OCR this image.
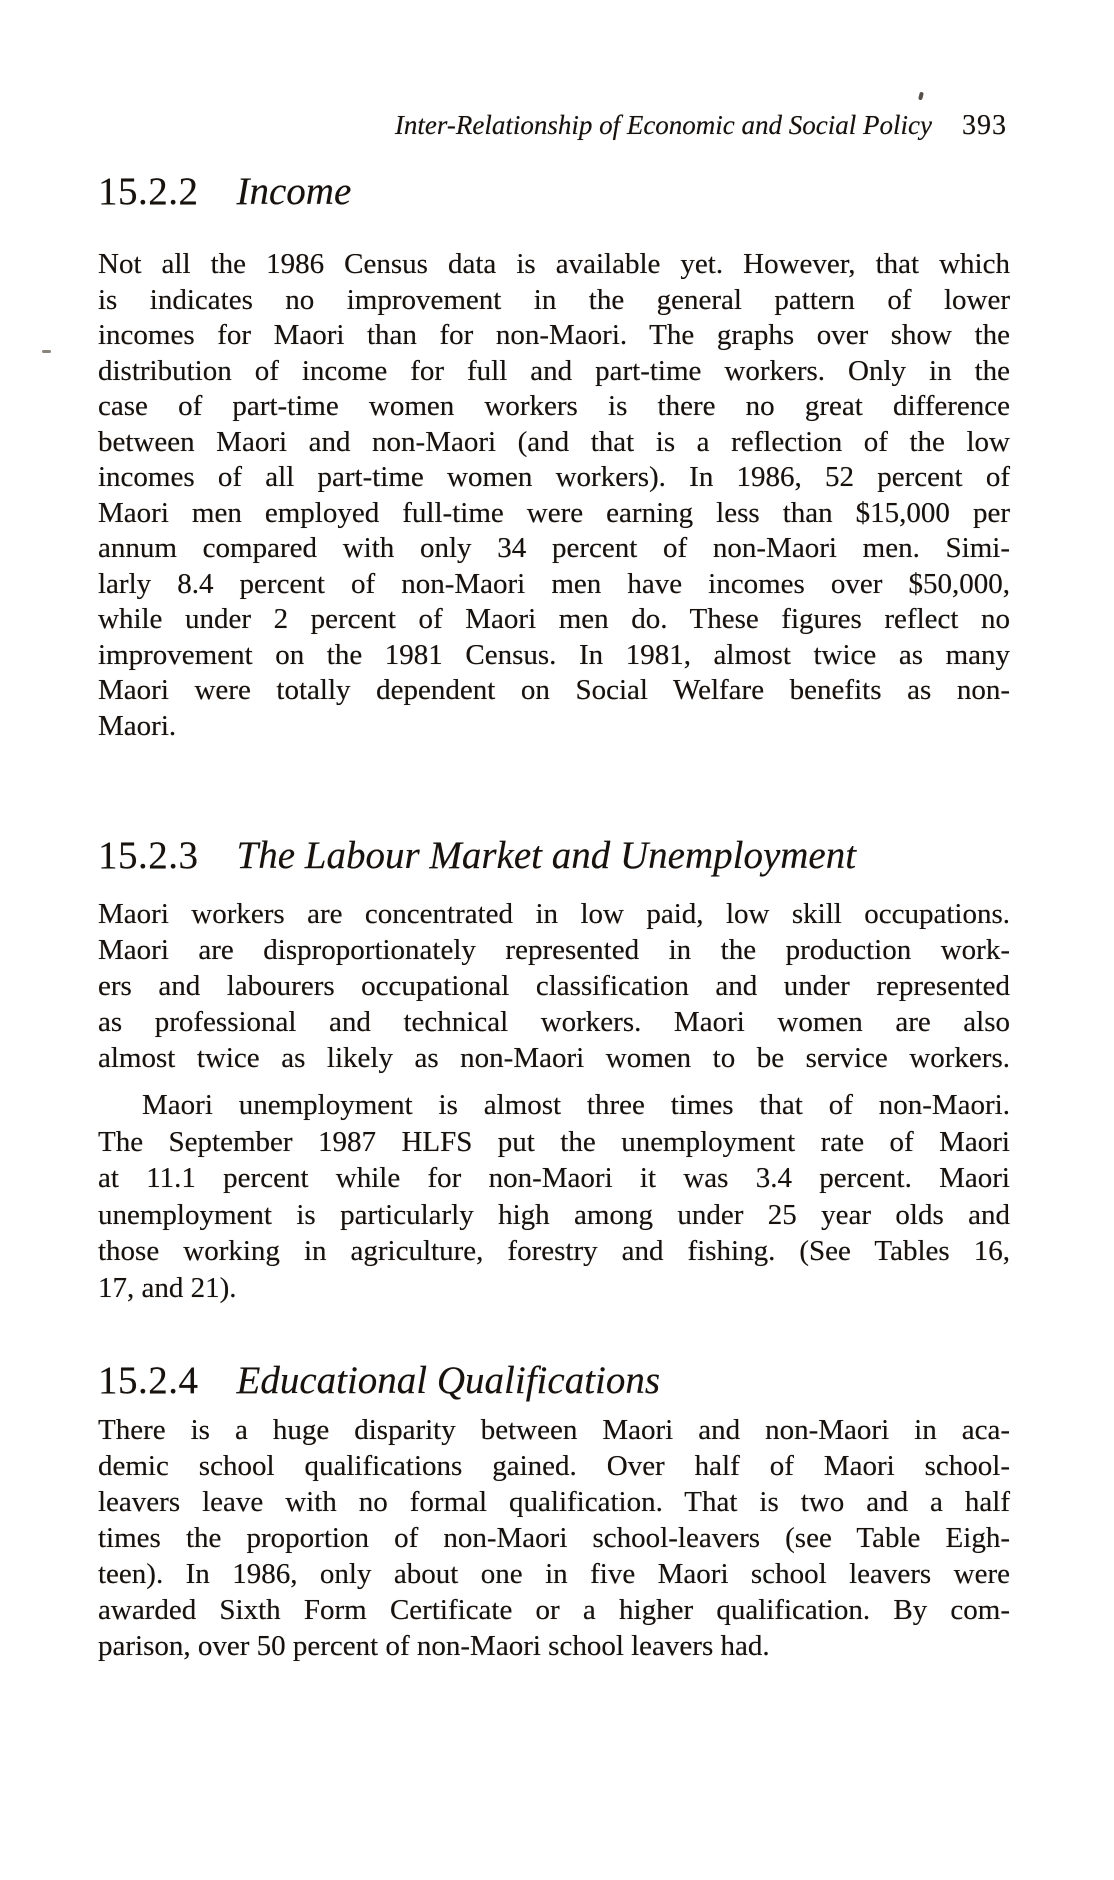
Inter-Relationship of Economic and Social Policy 393
15.2.2 Income
Not all the 1986 Census data is available yet. However, that which
is indicates no improvement in the general pattern of lower
incomes for Maori than for non-Maori. The graphs over show the
distribution of income for full and part-time workers. Only in the
case of part-time women workers is there no great difference
between Maori and non-Maori (and that is a reflection of the low
incomes of all part-time women workers). In 1986, 52 percent of
Maori men employed full-time were earning less than $15,000 per
annum compared with only 34 percent of non-Maori men. Simi-
larly 8.4 percent of non-Maori men have incomes over $50,000,
while under 2 percent of Maori men do. These figures reflect no
improvement on the 1981 Census. In 1981, almost twice as many
Maori were totally dependent on Social Welfare benefits as non-
Maori.
15.2.3 The Labour Market and Unemployment
Maori workers are concentrated in low paid, low skill occupations.
Maori are disproportionately represented in the production work-
ers and labourers occupational classification and under represented
as professional and technical workers. Maori women are also
almost twice as likely as non-Maori women to be service workers.
Maori unemployment is almost three times that of non-Maori.
The September 1987 HLFS put the unemployment rate of Maori
at 11.1 percent while for non-Maori it was 3.4 percent. Maori
unemployment is particularly high among under 25 year olds and
those working in agriculture, forestry and fishing. (See Tables 16,
17, and 21).
15.2.4 Educational Qualifications
There is a huge disparity between Maori and non-Maori in aca-
demic school qualifications gained. Over half of Maori school-
leavers leave with no formal qualification. That is two and a half
times the proportion of non-Maori school-leavers (see Table Eigh-
teen). In 1986, only about one in five Maori school leavers were
awarded Sixth Form Certificate or a higher qualification. By com-
parison, over 50 percent of non-Maori school leavers had.
